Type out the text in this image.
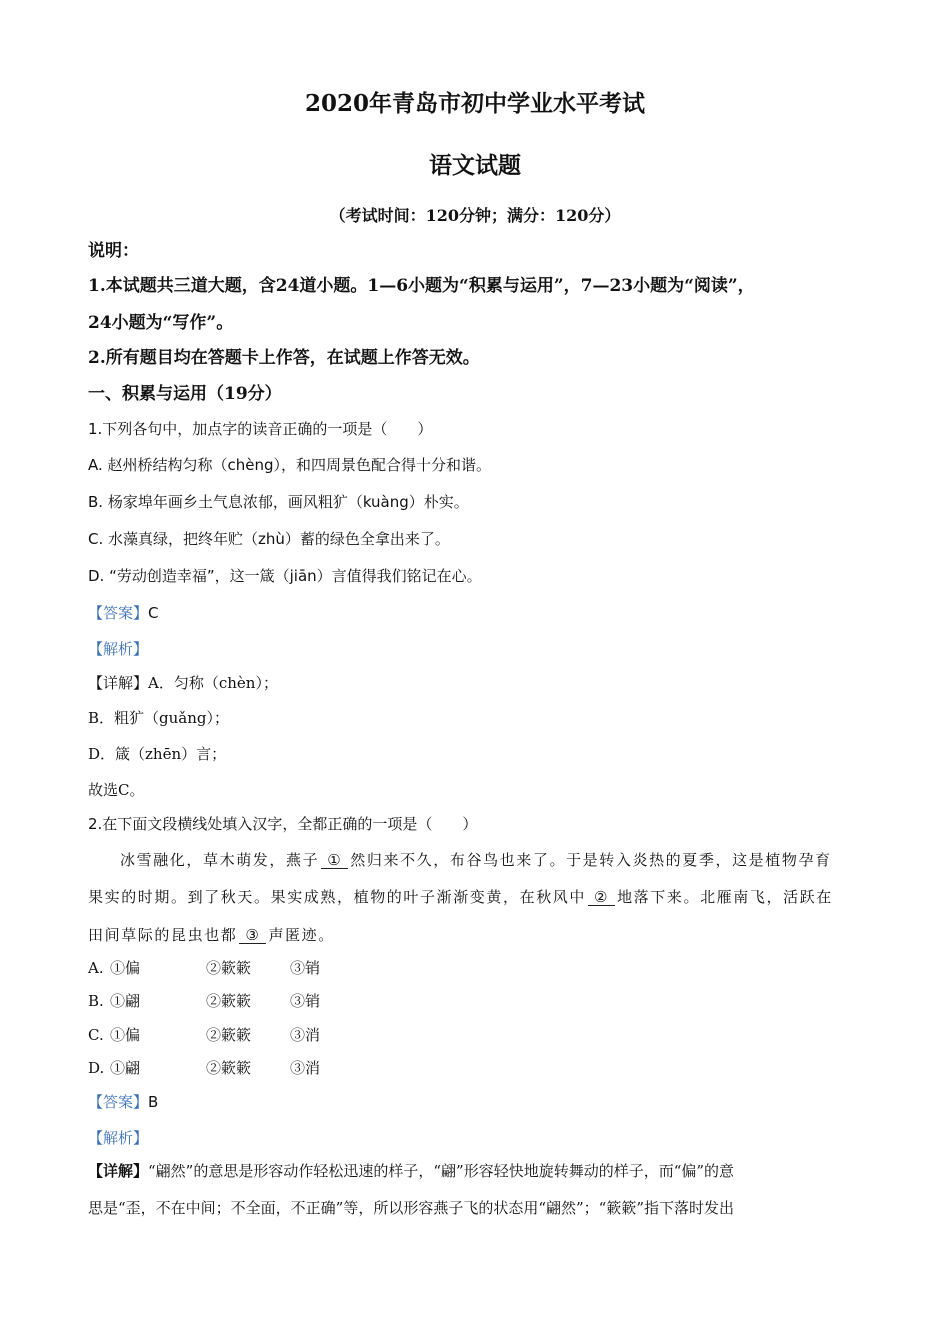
2020年青岛市初中学业水平考试
语文试题
（考试时间：120分钟；满分：120分）
说明：
1.本试题共三道大题，含24道小题。1—6小题为“积累与运用”，7—23小题为“阅读”，
24小题为“写作”。
2.所有题目均在答题卡上作答，在试题上作答无效。
一、积累与运用（19分）
1.下列各句中，加点字的读音正确的一项是（　　）
A. 赵州桥结构匀称（chèng），和四周景色配合得十分和谐。
B. 杨家埠年画乡土气息浓郁，画风粗犷（kuàng）朴实。
C. 水藻真绿，把终年贮（zhù）蓄的绿色全拿出来了。
D. “劳动创造幸福”，这一箴（jiān）言值得我们铭记在心。
【答案】C
【解析】
【详解】A．匀称（chèn）；
B．粗犷（guǎng）；
D．箴（zhēn）言；
故选C。
2.在下面文段横线处填入汉字，全都正确的一项是（　　）
冰雪融化，草木萌发，燕子 ① 然归来不久，布谷鸟也来了。于是转入炎热的夏季，这是植物孕育
果实的时期。到了秋天。果实成熟，植物的叶子渐渐变黄，在秋风中 ② 地落下来。北雁南飞，活跃在
田间草际的昆虫也都 ③ 声匿迹。
A. ①偏	②簌簌	③销
B. ①翩	②簌簌	③销
C. ①偏	②簌簌	③消
D. ①翩	②簌簌	③消
【答案】B
【解析】
【详解】“翩然”的意思是形容动作轻松迅速的样子，“翩”形容轻快地旋转舞动的样子，而“偏”的意
思是“歪，不在中间；不全面，不正确”等，所以形容燕子飞的状态用“翩然”；“簌簌”指下落时发出
